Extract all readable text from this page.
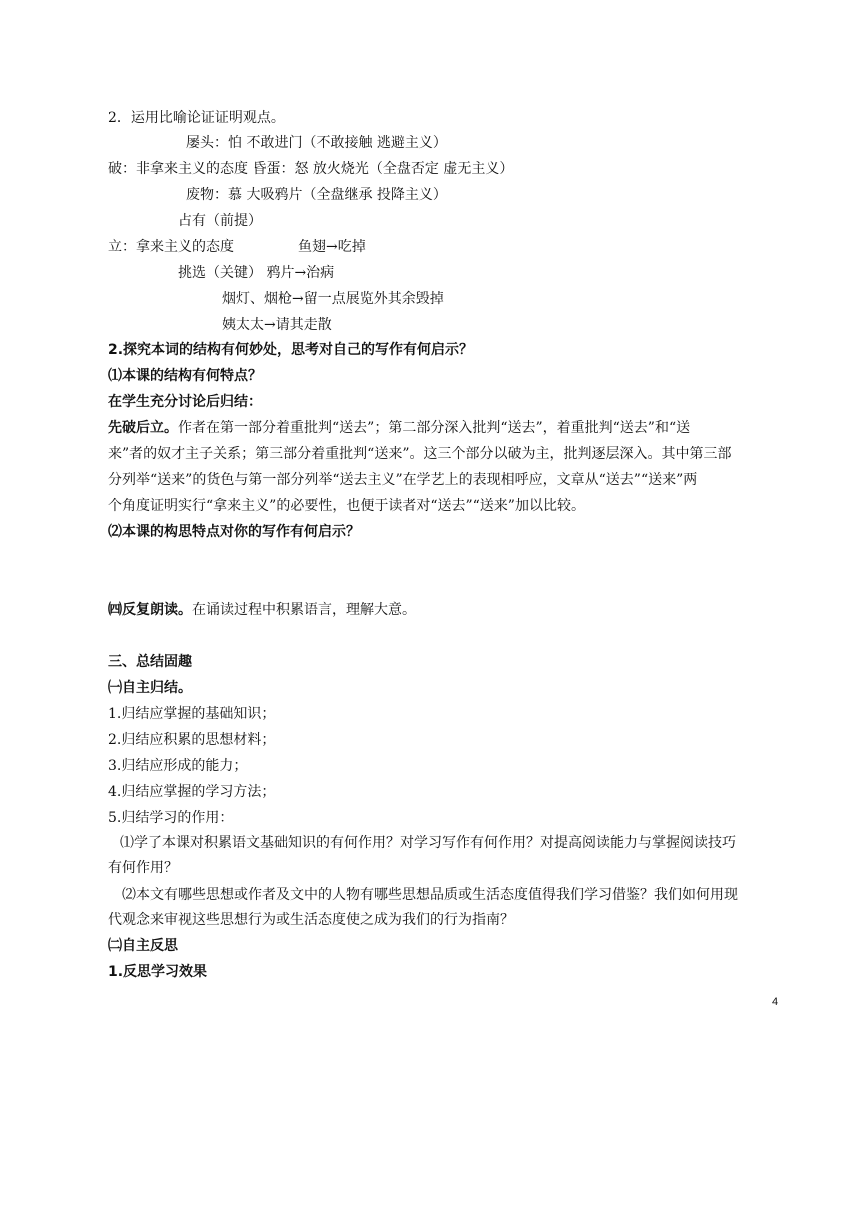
2．运用比喻论证证明观点。
屡头：怕 不敢进门（不敢接触 逃避主义）
破：非拿来主义的态度 昏蛋：怒 放火烧光（全盘否定 虚无主义）
废物：慕 大吸鸦片（全盘继承 投降主义）
占有（前提）
立：拿来主义的态度	鱼翅→吃掉
挑选（关键） 鸦片→治病
烟灯、烟枪→留一点展览外其余毁掉
姨太太→请其走散
2.探究本词的结构有何妙处，思考对自己的写作有何启示？
⑴本课的结构有何特点？
在学生充分讨论后归结：
先破后立。作者在第一部分着重批判“送去”；第二部分深入批判“送去”，着重批判“送去”和“送
来”者的奴才主子关系；第三部分着重批判“送来”。这三个部分以破为主，批判逐层深入。其中第三部
分列举“送来”的货色与第一部分列举“送去主义”在学艺上的表现相呼应，文章从“送去”“送来”两
个角度证明实行“拿来主义”的必要性，也便于读者对“送去”“送来”加以比较。
⑵本课的构思特点对你的写作有何启示？
㈣反复朗读。在诵读过程中积累语言，理解大意。
三、总结固趣
㈠自主归结。
1.归结应掌握的基础知识；
2.归结应积累的思想材料；
3.归结应形成的能力；
4.归结应掌握的学习方法；
5.归结学习的作用：
⑴学了本课对积累语文基础知识的有何作用？对学习写作有何作用？对提高阅读能力与掌握阅读技巧
有何作用？
⑵本文有哪些思想或作者及文中的人物有哪些思想品质或生活态度值得我们学习借鉴？我们如何用现
代观念来审视这些思想行为或生活态度使之成为我们的行为指南？
㈡自主反思
1.反思学习效果
4
